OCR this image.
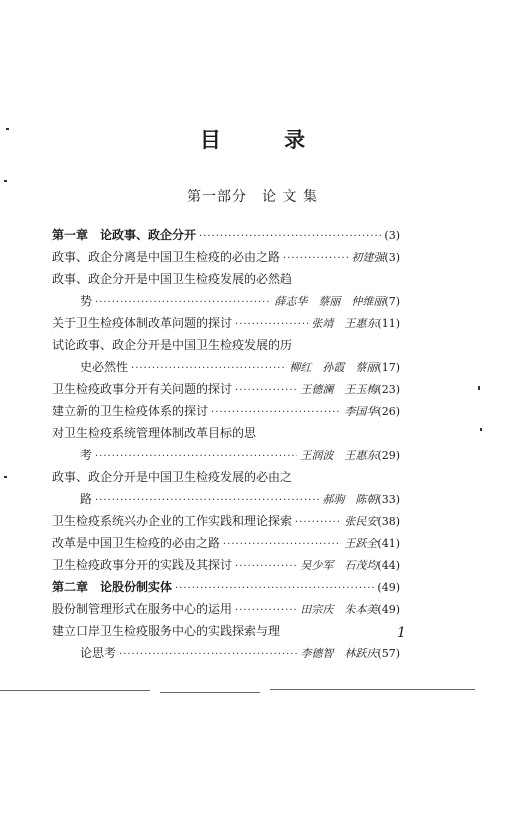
目 录
第一部分　论 文 集
第一章　论政事、政企分开 ·····	(3)
政事、政企分离是中国卫生检疫的必由之路 ·····	初建强 (3)
政事、政企分开是中国卫生检疫发展的必然趋
势 ·····	薛志华　蔡丽　仲维丽 (7)
关于卫生检疫体制改革问题的探讨 ·····	张靖　王惠东 (11)
试论政事、政企分开是中国卫生检疫发展的历
史必然性 ·····	柳红　孙霞　蔡丽 (17)
卫生检疫政事分开有关问题的探讨 ·····	王德澜　王玉梅 (23)
建立新的卫生检疫体系的探讨 ·····	李国华 (26)
对卫生检疫系统管理体制改革目标的思
考 ·····	王润波　王惠东 (29)
政事、政企分开是中国卫生检疫发展的必由之
路 ·····	郝驹　陈朝 (33)
卫生检疫系统兴办企业的工作实践和理论探索 ·····	张民安 (38)
改革是中国卫生检疫的必由之路 ·····	王跃全 (41)
卫生检疫政事分开的实践及其探讨 ·····	吴少军　石茂均 (44)
第二章　论股份制实体 ·····	(49)
股份制管理形式在服务中心的运用 ·····	田宗庆　朱本美 (49)
建立口岸卫生检疫服务中心的实践探索与理
论思考 ·····	李德智　林跃庆 (57)
1
